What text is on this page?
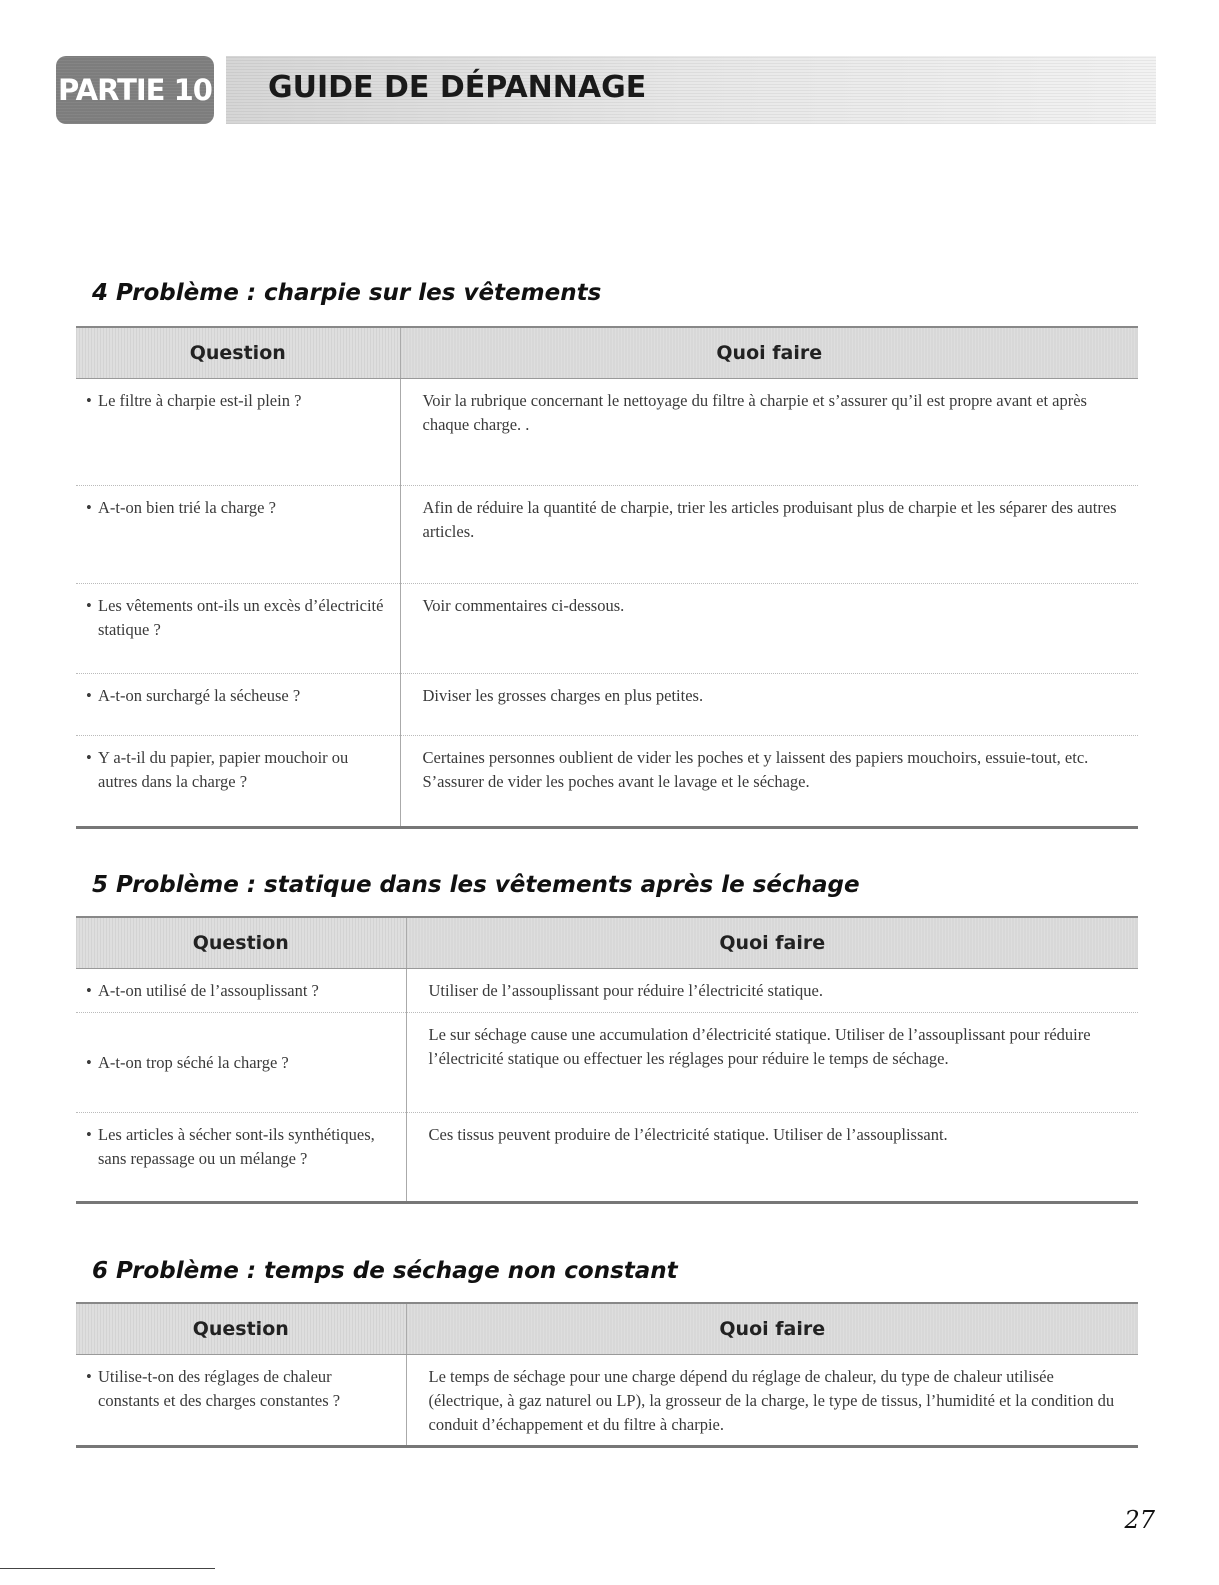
PARTIE 10 GUIDE DE DÉPANNAGE
4 Problème : charpie sur les vêtements
Question	Quoi faire
• Le filtre à charpie est-il plein ?	Voir la rubrique concernant le nettoyage du filtre à charpie et s’assurer qu’il est propre avant et après chaque charge. .
• A-t-on bien trié la charge ?	Afin de réduire la quantité de charpie, trier les articles produisant plus de charpie et les séparer des autres articles.
• Les vêtements ont-ils un excès d’électricité statique ?	Voir commentaires ci-dessous.
• A-t-on surchargé la sécheuse ?	Diviser les grosses charges en plus petites.
• Y a-t-il du papier, papier mouchoir ou autres dans la charge ?	Certaines personnes oublient de vider les poches et y laissent des papiers mouchoirs, essuie-tout, etc. S’assurer de vider les poches avant le lavage et le séchage.
5 Problème : statique dans les vêtements après le séchage
Question	Quoi faire
• A-t-on utilisé de l’assouplissant ?	Utiliser de l’assouplissant pour réduire l’électricité statique.
• A-t-on trop séché la charge ?	Le sur séchage cause une accumulation d’électricité statique. Utiliser de l’assouplissant pour réduire l’électricité statique ou effectuer les réglages pour réduire le temps de séchage.
• Les articles à sécher sont-ils synthétiques, sans repassage ou un mélange ?	Ces tissus peuvent produire de l’électricité statique. Utiliser de l’assouplissant.
6 Problème : temps de séchage non constant
Question	Quoi faire
• Utilise-t-on des réglages de chaleur constants et des charges constantes ?	Le temps de séchage pour une charge dépend du réglage de chaleur, du type de chaleur utilisée (électrique, à gaz naturel ou LP), la grosseur de la charge, le type de tissus, l’humidité et la condition du conduit d’échappement et du filtre à charpie.
27
